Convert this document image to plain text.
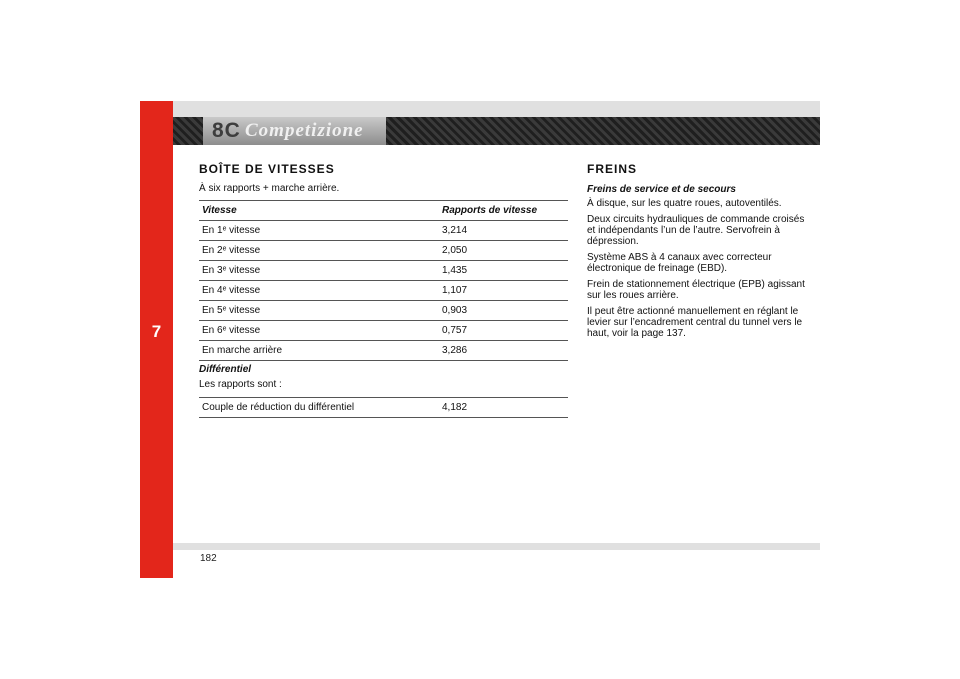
7
8C Competizione
BOÎTE DE VITESSES
À six rapports + marche arrière.
Vitesse	Rapports de vitesse
En 1ᵉ vitesse	3,214
En 2ᵉ vitesse	2,050
En 3ᵉ vitesse	1,435
En 4ᵉ vitesse	1,107
En 5ᵉ vitesse	0,903
En 6ᵉ vitesse	0,757
En marche arrière	3,286
Différentiel
Les rapports sont :
Couple de réduction du différentiel	4,182
FREINS
Freins de service et de secours
À disque, sur les quatre roues, autoventilés.
Deux circuits hydrauliques de commande croisés
et indépendants l’un de l’autre. Servofrein à
dépression.
Système ABS à 4 canaux avec correcteur
électronique de freinage (EBD).
Frein de stationnement électrique (EPB) agissant
sur les roues arrière.
Il peut être actionné manuellement en réglant le
levier sur l’encadrement central du tunnel vers le
haut, voir la page 137.
182
